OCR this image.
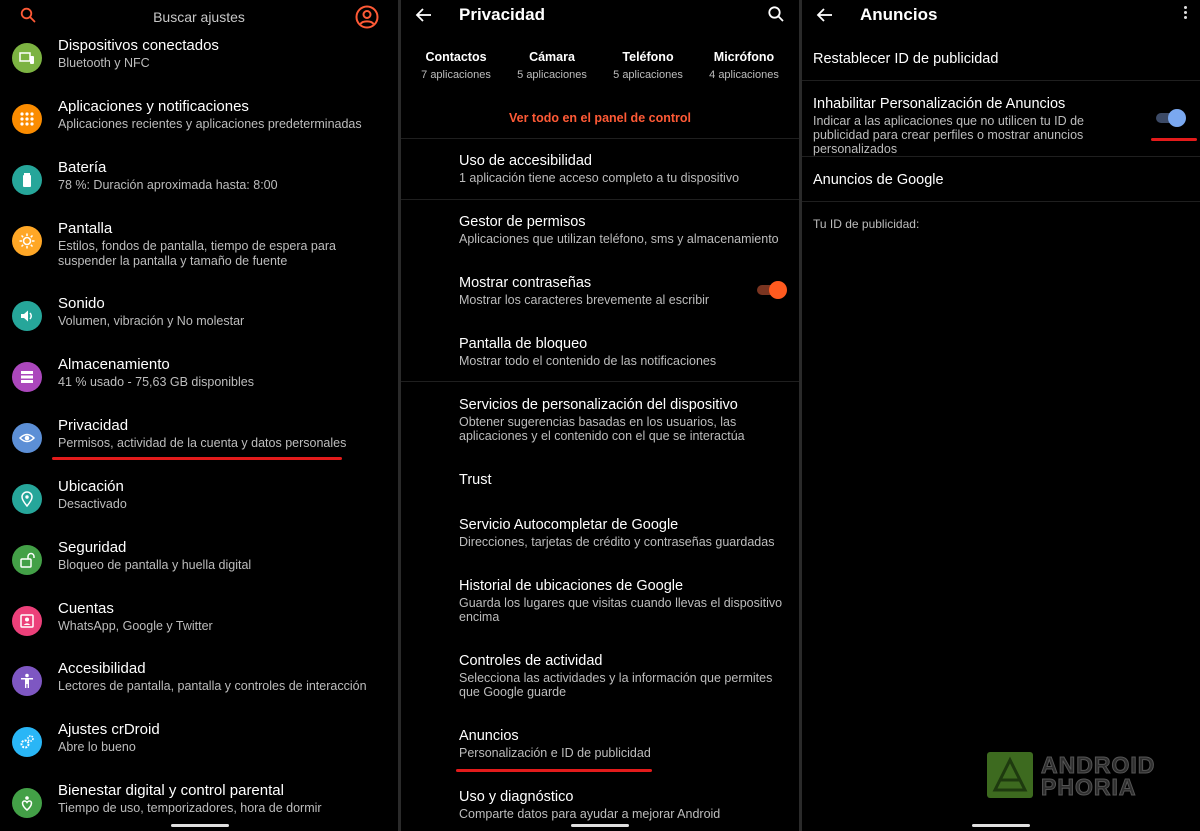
Buscar ajustes
Dispositivos conectados
Bluetooth y NFC
Aplicaciones y notificaciones
Aplicaciones recientes y aplicaciones predeterminadas
Batería
78 %: Duración aproximada hasta: 8:00
Pantalla
Estilos, fondos de pantalla, tiempo de espera para suspender la pantalla y tamaño de fuente
Sonido
Volumen, vibración y No molestar
Almacenamiento
41 % usado - 75,63 GB disponibles
Privacidad
Permisos, actividad de la cuenta y datos personales
Ubicación
Desactivado
Seguridad
Bloqueo de pantalla y huella digital
Cuentas
WhatsApp, Google y Twitter
Accesibilidad
Lectores de pantalla, pantalla y controles de interacción
Ajustes crDroid
Abre lo bueno
Bienestar digital y control parental
Tiempo de uso, temporizadores, hora de dormir
Privacidad
Contactos
7 aplicaciones
Cámara
5 aplicaciones
Teléfono
5 aplicaciones
Micrófono
4 aplicaciones
Ver todo en el panel de control
Uso de accesibilidad
1 aplicación tiene acceso completo a tu dispositivo
Gestor de permisos
Aplicaciones que utilizan teléfono, sms y almacenamiento
Mostrar contraseñas
Mostrar los caracteres brevemente al escribir
Pantalla de bloqueo
Mostrar todo el contenido de las notificaciones
Servicios de personalización del dispositivo
Obtener sugerencias basadas en los usuarios, las aplicaciones y el contenido con el que se interactúa
Trust
Servicio Autocompletar de Google
Direcciones, tarjetas de crédito y contraseñas guardadas
Historial de ubicaciones de Google
Guarda los lugares que visitas cuando llevas el dispositivo encima
Controles de actividad
Selecciona las actividades y la información que permites que Google guarde
Anuncios
Personalización e ID de publicidad
Uso y diagnóstico
Comparte datos para ayudar a mejorar Android
Anuncios
Restablecer ID de publicidad
Inhabilitar Personalización de Anuncios
Indicar a las aplicaciones que no utilicen tu ID de publicidad para crear perfiles o mostrar anuncios personalizados
Anuncios de Google
Tu ID de publicidad:
ANDROID
PHORIA
